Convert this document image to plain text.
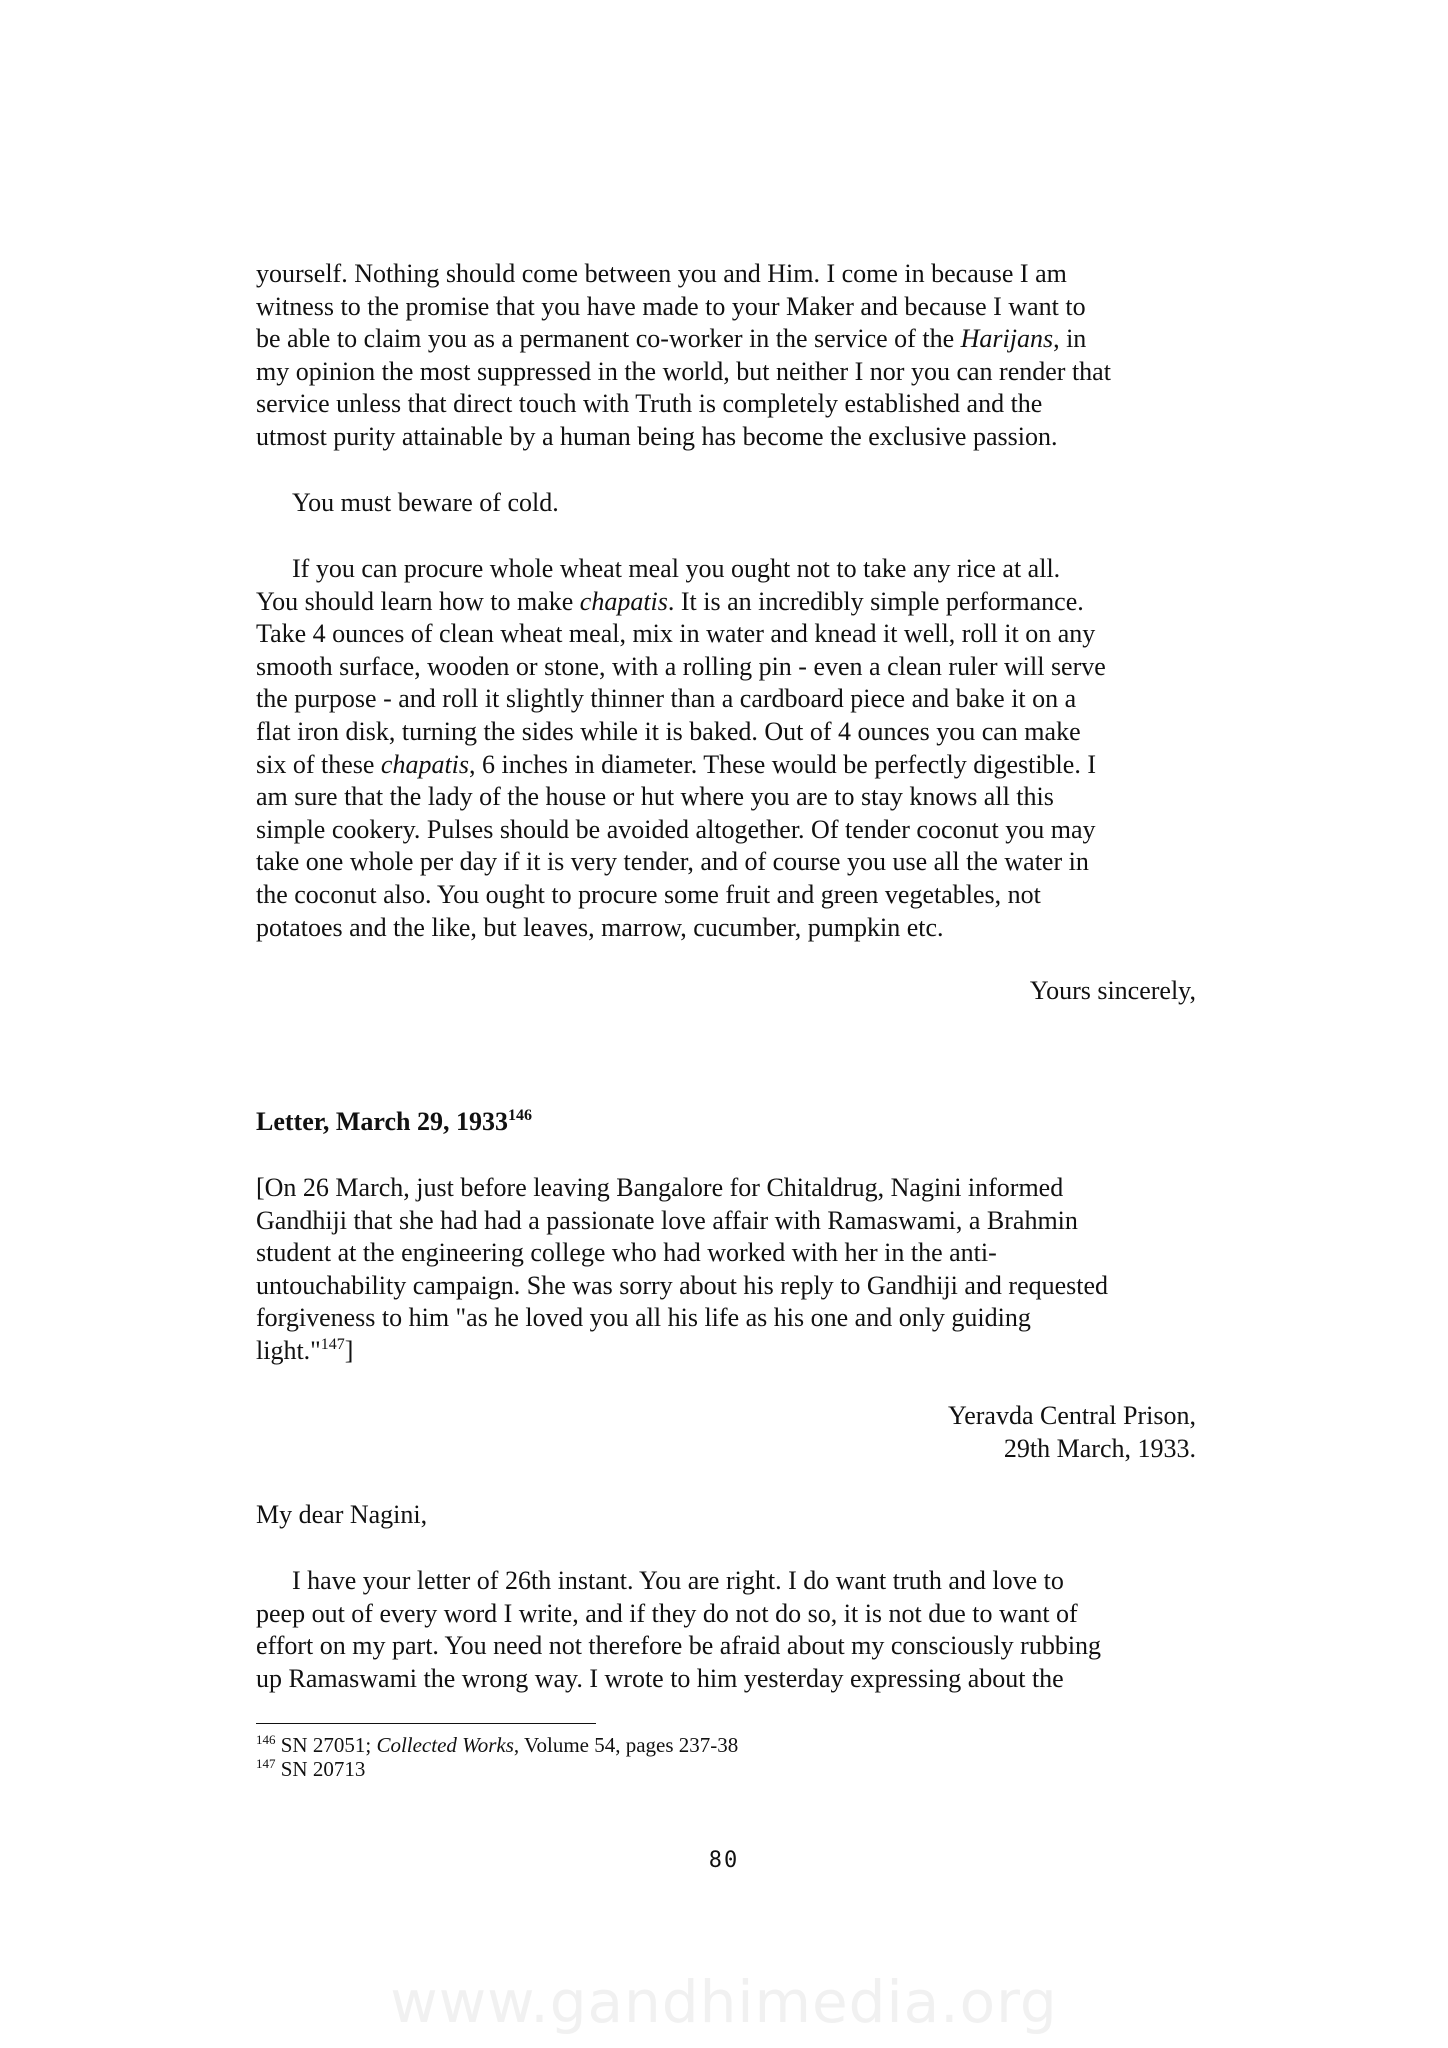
yourself. Nothing should come between you and Him. I come in because I am
witness to the promise that you have made to your Maker and because I want to
be able to claim you as a permanent co-worker in the service of the Harijans, in
my opinion the most suppressed in the world, but neither I nor you can render that
service unless that direct touch with Truth is completely established and the
utmost purity attainable by a human being has become the exclusive passion.
You must beware of cold.
If you can procure whole wheat meal you ought not to take any rice at all.
You should learn how to make chapatis. It is an incredibly simple performance.
Take 4 ounces of clean wheat meal, mix in water and knead it well, roll it on any
smooth surface, wooden or stone, with a rolling pin - even a clean ruler will serve
the purpose - and roll it slightly thinner than a cardboard piece and bake it on a
flat iron disk, turning the sides while it is baked. Out of 4 ounces you can make
six of these chapatis, 6 inches in diameter. These would be perfectly digestible. I
am sure that the lady of the house or hut where you are to stay knows all this
simple cookery. Pulses should be avoided altogether. Of tender coconut you may
take one whole per day if it is very tender, and of course you use all the water in
the coconut also. You ought to procure some fruit and green vegetables, not
potatoes and the like, but leaves, marrow, cucumber, pumpkin etc.
Yours sincerely,
Letter, March 29, 1933$^{146}$
[On 26 March, just before leaving Bangalore for Chitaldrug, Nagini informed
Gandhiji that she had had a passionate love affair with Ramaswami, a Brahmin
student at the engineering college who had worked with her in the anti-
untouchability campaign. She was sorry about his reply to Gandhiji and requested
forgiveness to him "as he loved you all his life as his one and only guiding
light."$^{147}$]
Yeravda Central Prison,
29th March, 1933.
My dear Nagini,
I have your letter of 26th instant. You are right. I do want truth and love to
peep out of every word I write, and if they do not do so, it is not due to want of
effort on my part. You need not therefore be afraid about my consciously rubbing
up Ramaswami the wrong way. I wrote to him yesterday expressing about the
$^{146}$ SN 27051; Collected Works, Volume 54, pages 237-38
$^{147}$ SN 20713
80
www.gandhimedia.org
